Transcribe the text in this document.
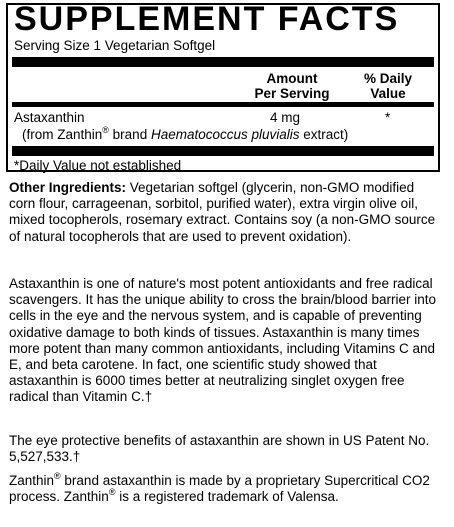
SUPPLEMENT FACTS
Serving Size 1 Vegetarian Softgel
Amount
Per Serving
% Daily
Value
Astaxanthin	4 mg	*
(from Zanthin® brand Haematococcus pluvialis extract)
*Daily Value not established

Other Ingredients: Vegetarian softgel (glycerin, non-GMO modified corn flour, carrageenan, sorbitol, purified water), extra virgin olive oil, mixed tocopherols, rosemary extract. Contains soy (a non-GMO source of natural tocopherols that are used to prevent oxidation).

Astaxanthin is one of nature's most potent antioxidants and free radical scavengers. It has the unique ability to cross the brain/blood barrier into cells in the eye and the nervous system, and is capable of preventing oxidative damage to both kinds of tissues. Astaxanthin is many times more potent than many common antioxidants, including Vitamins C and E, and beta carotene. In fact, one scientific study showed that astaxanthin is 6000 times better at neutralizing singlet oxygen free radical than Vitamin C.†

The eye protective benefits of astaxanthin are shown in US Patent No. 5,527,533.†

Zanthin® brand astaxanthin is made by a proprietary Supercritical CO2 process. Zanthin® is a registered trademark of Valensa.
